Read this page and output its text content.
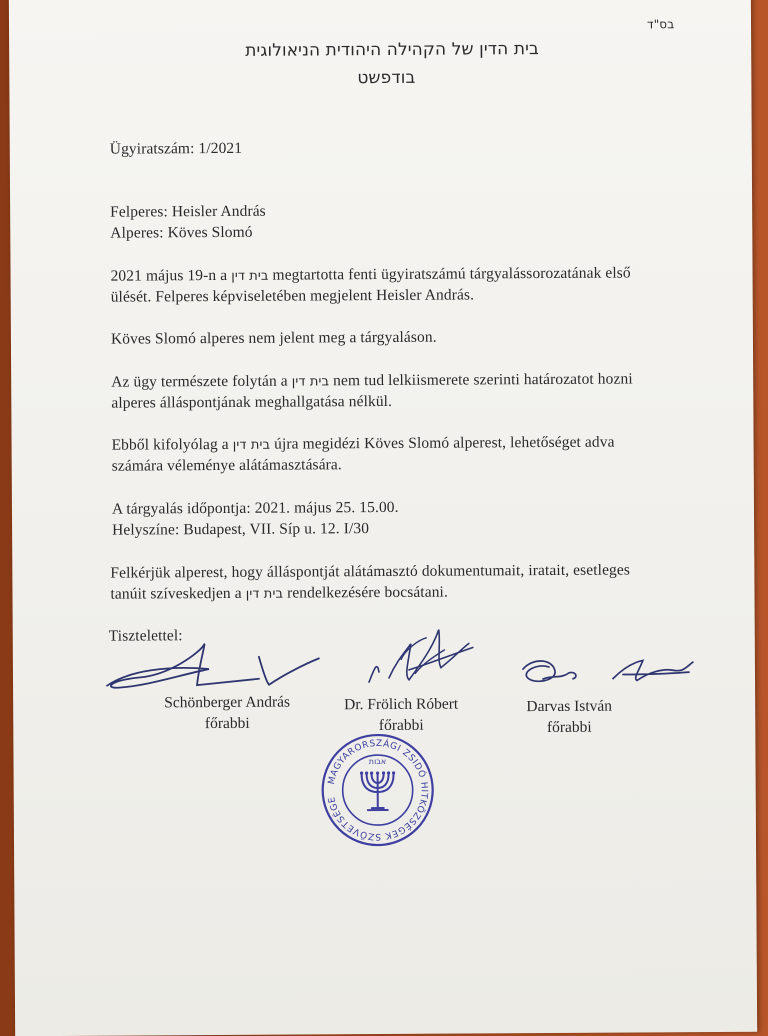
בס"ד
בית הדין של הקהילה היהודית הניאולוגית
בודפשט
Ügyiratszám: 1/2021
Felperes: Heisler András
Alperes: Köves Slomó
2021 május 19-n a בית דין megtartotta fenti ügyiratszámú tárgyalássorozatának első
ülését. Felperes képviseletében megjelent Heisler András.
Köves Slomó alperes nem jelent meg a tárgyaláson.
Az ügy természete folytán a בית דין nem tud lelkiismerete szerinti határozatot hozni
alperes álláspontjának meghallgatása nélkül.
Ebből kifolyólag a בית דין újra megidézi Köves Slomó alperest, lehetőséget adva
számára véleménye alátámasztására.
A tárgyalás időpontja: 2021. május 25. 15.00.
Helyszíne: Budapest, VII. Síp u. 12. I/30
Felkérjük alperest, hogy álláspontját alátámasztó dokumentumait, iratait, esetleges
tanúit szíveskedjen a בית דין rendelkezésére bocsátani.
Tisztelettel:
Schönberger András
főrabbi
Dr. Frölich Róbert
főrabbi
Darvas István
főrabbi
MAGYARORSZÁGI ZSIDÓ HITKÖZSÉGEK SZÖVETSÉGE ✡
אבות
